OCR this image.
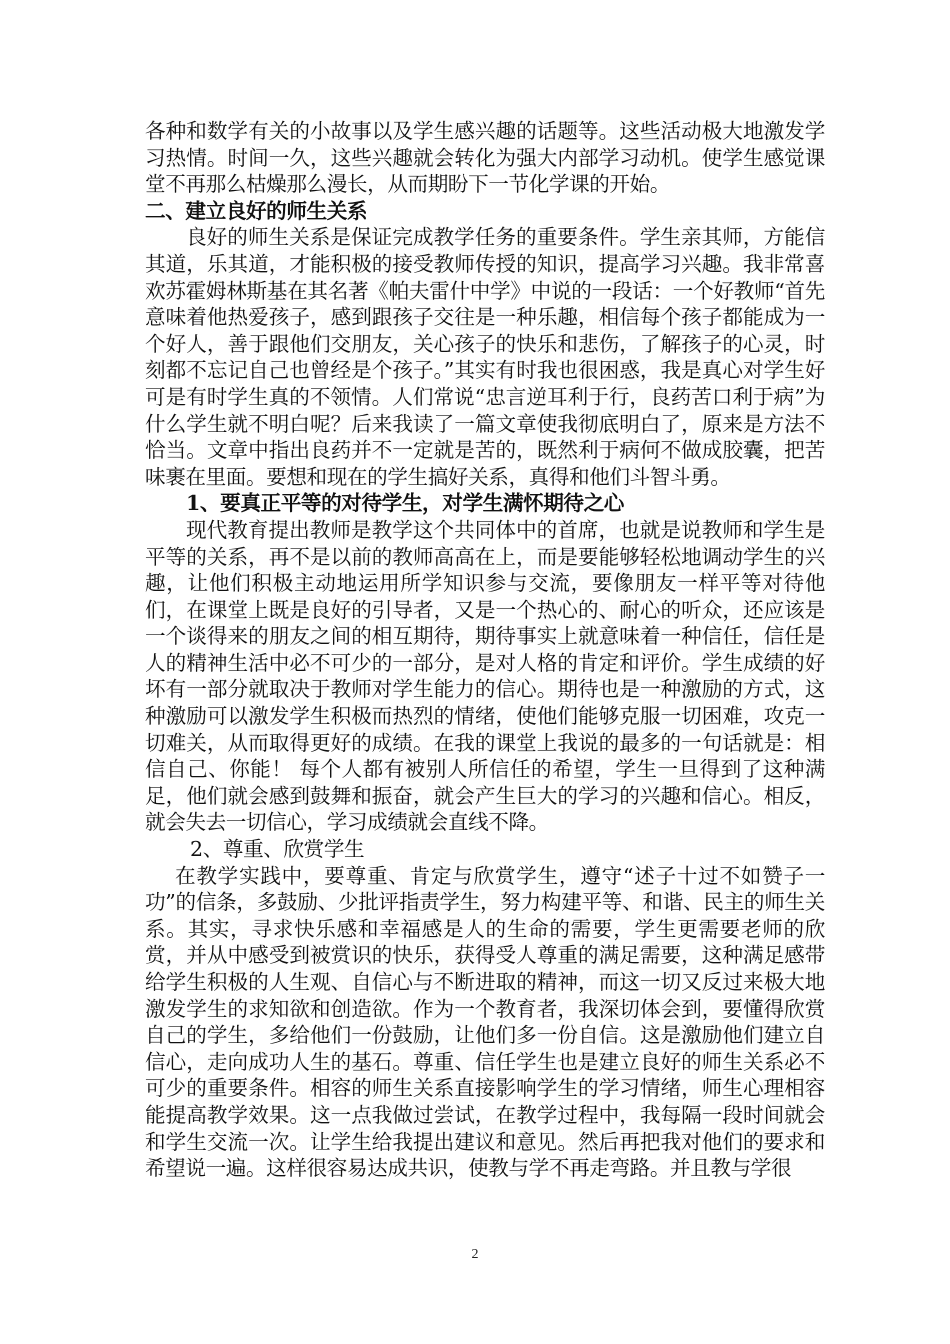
各种和数学有关的小故事以及学生感兴趣的话题等。这些活动极大地激发学习热情。时间一久，这些兴趣就会转化为强大内部学习动机。使学生感觉课堂不再那么枯燥那么漫长，从而期盼下一节化学课的开始。

二、建立良好的师生关系

良好的师生关系是保证完成教学任务的重要条件。学生亲其师，方能信其道，乐其道，才能积极的接受教师传授的知识，提高学习兴趣。我非常喜欢苏霍姆林斯基在其名著《帕夫雷什中学》中说的一段话：一个好教师“首先意味着他热爱孩子，感到跟孩子交往是一种乐趣，相信每个孩子都能成为一个好人，善于跟他们交朋友，关心孩子的快乐和悲伤，了解孩子的心灵，时刻都不忘记自己也曾经是个孩子。”其实有时我也很困惑，我是真心对学生好可是有时学生真的不领情。人们常说“忠言逆耳利于行，良药苦口利于病”为什么学生就不明白呢？后来我读了一篇文章使我彻底明白了，原来是方法不恰当。文章中指出良药并不一定就是苦的，既然利于病何不做成胶囊，把苦味裹在里面。要想和现在的学生搞好关系，真得和他们斗智斗勇。

1、要真正平等的对待学生，对学生满怀期待之心

现代教育提出教师是教学这个共同体中的首席，也就是说教师和学生是平等的关系，再不是以前的教师高高在上，而是要能够轻松地调动学生的兴趣，让他们积极主动地运用所学知识参与交流，要像朋友一样平等对待他们，在课堂上既是良好的引导者，又是一个热心的、耐心的听众，还应该是一个谈得来的朋友之间的相互期待，期待事实上就意味着一种信任，信任是人的精神生活中必不可少的一部分，是对人格的肯定和评价。学生成绩的好坏有一部分就取决于教师对学生能力的信心。期待也是一种激励的方式，这种激励可以激发学生积极而热烈的情绪，使他们能够克服一切困难，攻克一切难关，从而取得更好的成绩。在我的课堂上我说的最多的一句话就是：相信自己、你能！ 每个人都有被别人所信任的希望，学生一旦得到了这种满足，他们就会感到鼓舞和振奋，就会产生巨大的学习的兴趣和信心。相反，就会失去一切信心，学习成绩就会直线不降。

2、尊重、欣赏学生

在教学实践中，要尊重、肯定与欣赏学生，遵守“述子十过不如赞子一功”的信条，多鼓励、少批评指责学生，努力构建平等、和谐、民主的师生关系。其实，寻求快乐感和幸福感是人的生命的需要，学生更需要老师的欣赏，并从中感受到被赏识的快乐，获得受人尊重的满足需要，这种满足感带给学生积极的人生观、自信心与不断进取的精神，而这一切又反过来极大地激发学生的求知欲和创造欲。作为一个教育者，我深切体会到，要懂得欣赏自己的学生，多给他们一份鼓励，让他们多一份自信。这是激励他们建立自信心，走向成功人生的基石。尊重、信任学生也是建立良好的师生关系必不可少的重要条件。相容的师生关系直接影响学生的学习情绪，师生心理相容能提高教学效果。这一点我做过尝试，在教学过程中，我每隔一段时间就会和学生交流一次。让学生给我提出建议和意见。然后再把我对他们的要求和希望说一遍。这样很容易达成共识，使教与学不再走弯路。并且教与学很

2
